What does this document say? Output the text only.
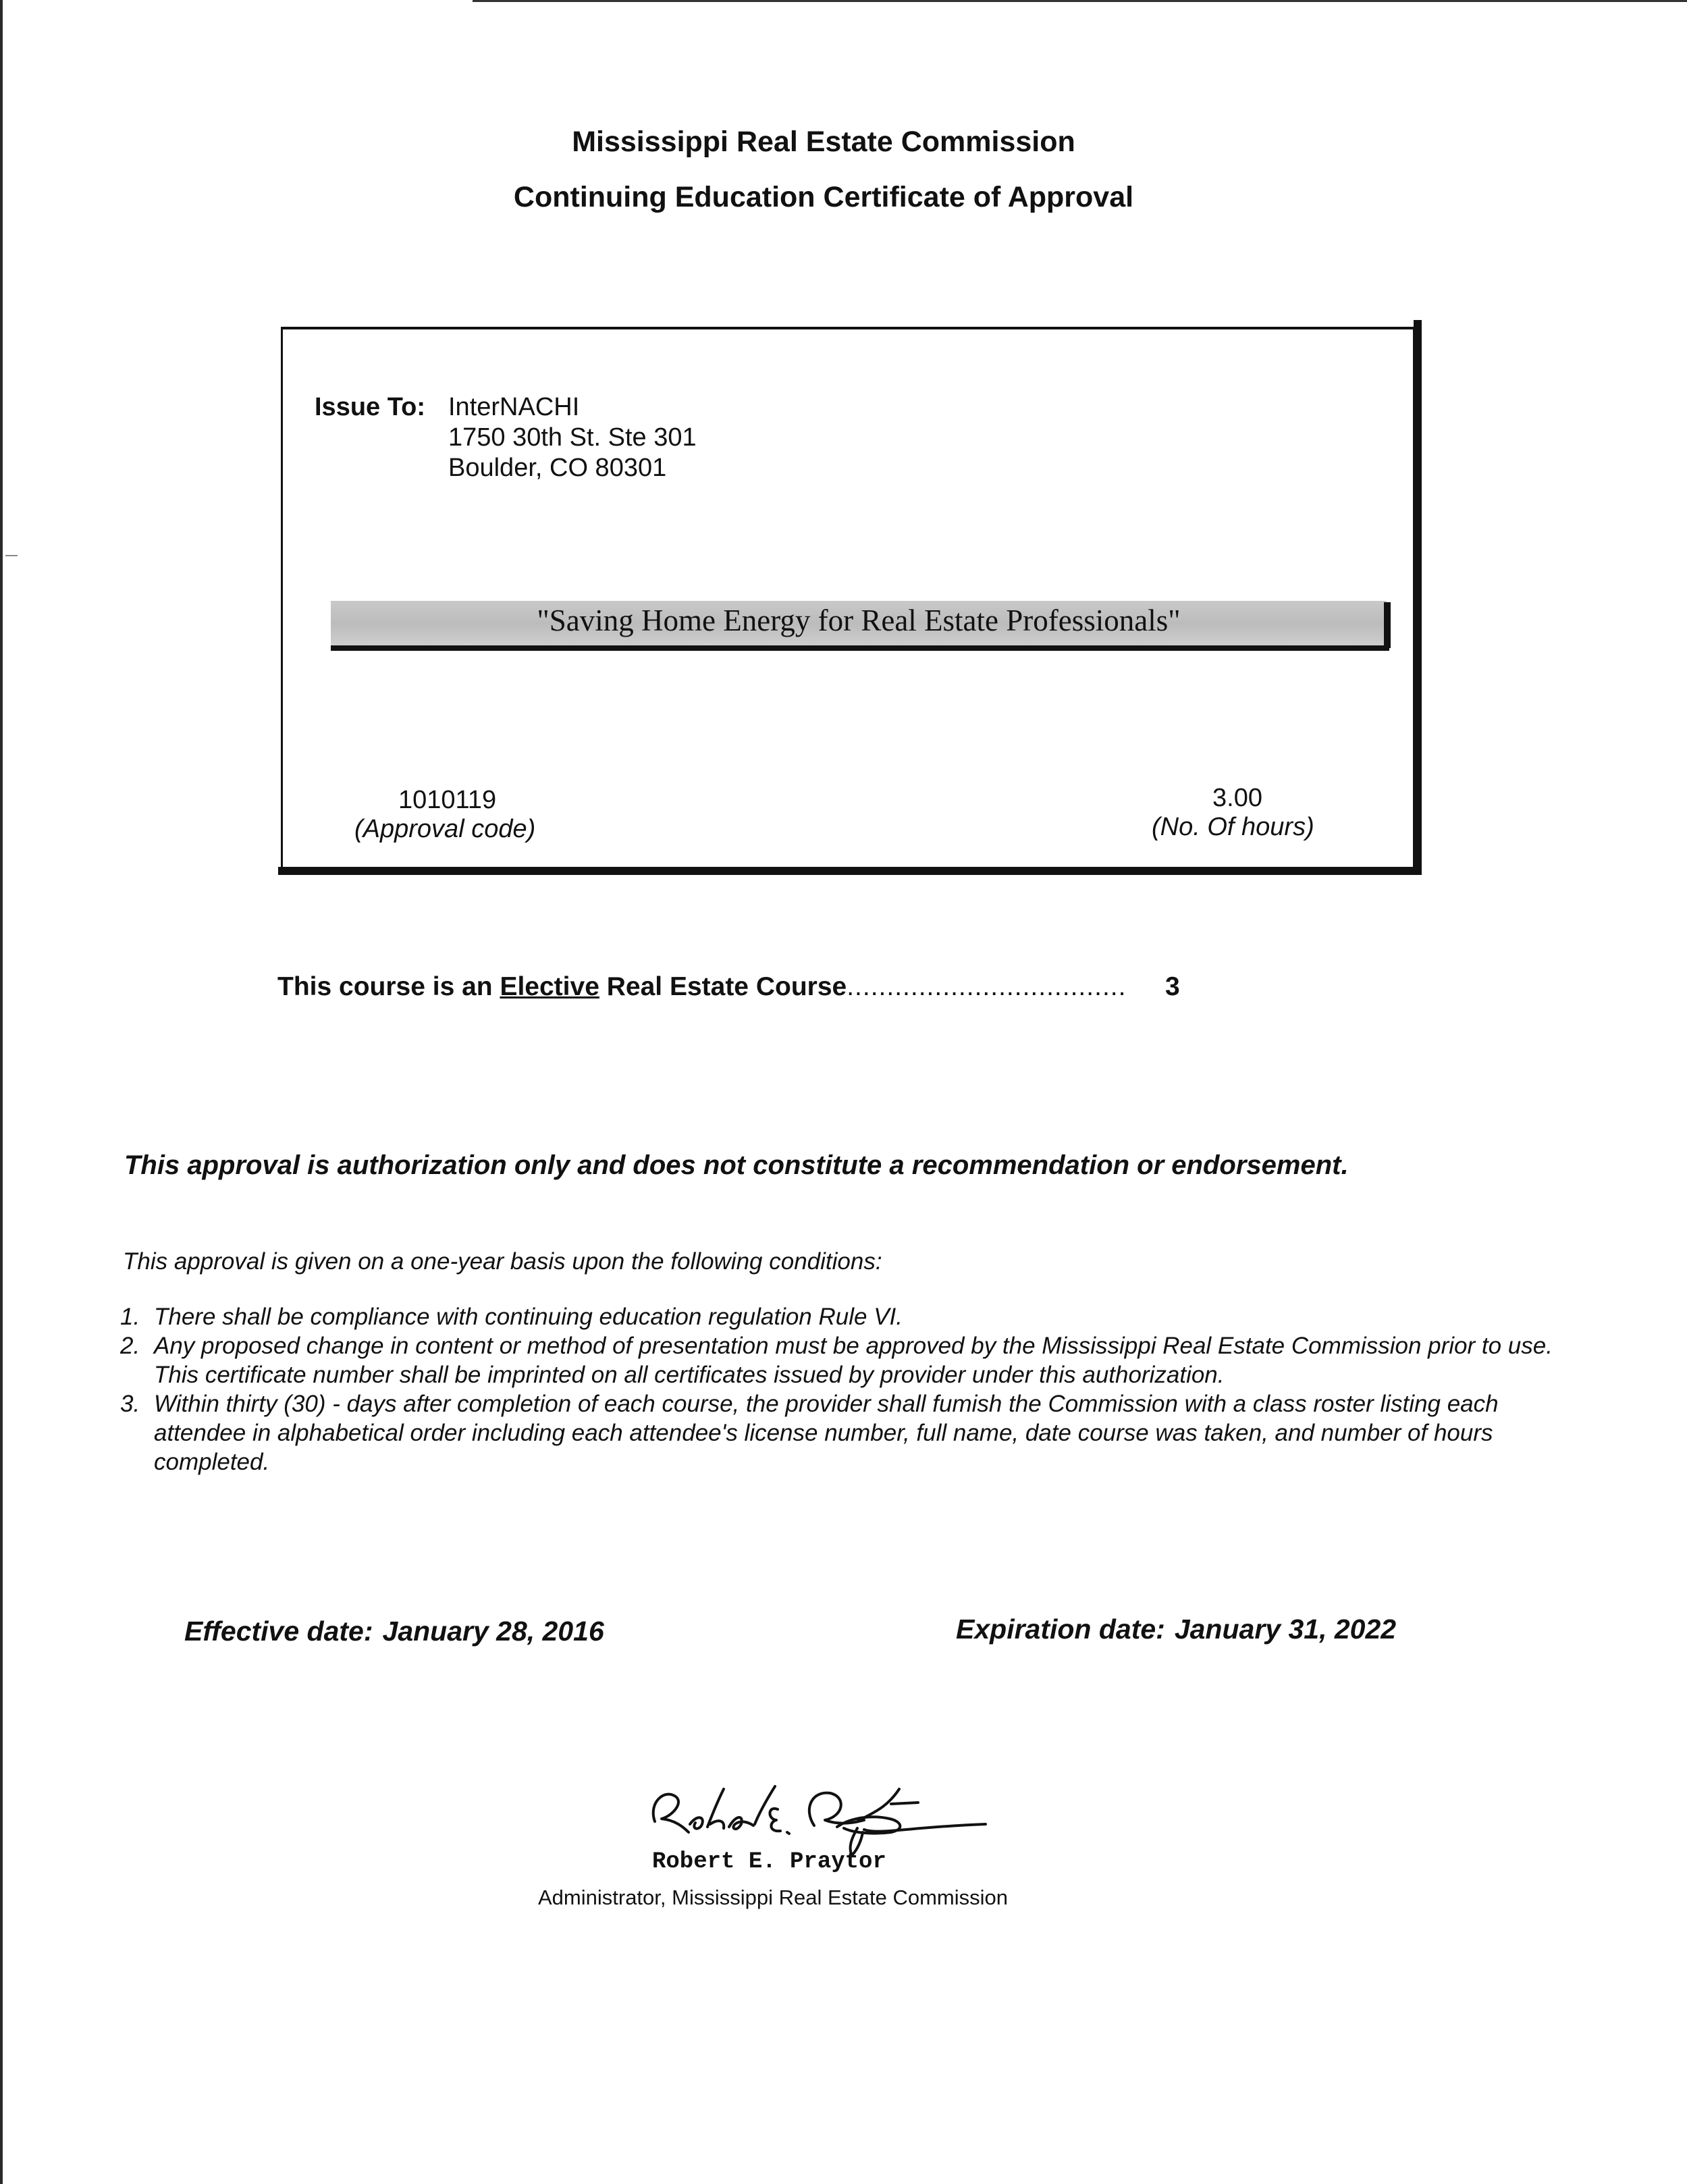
Mississippi Real Estate Commission
Continuing Education Certificate of Approval
Issue To: InterNACHI
1750 30th St. Ste 301
Boulder, CO 80301
"Saving Home Energy for Real Estate Professionals"
1010119
(Approval code)
3.00
(No. Of hours)
This course is an Elective Real Estate Course................................... 3
This approval is authorization only and does not constitute a recommendation or endorsement.
This approval is given on a one-year basis upon the following conditions:
1. There shall be compliance with continuing education regulation Rule VI.
2. Any proposed change in content or method of presentation must be approved by the Mississippi Real Estate Commission prior to use. This certificate number shall be imprinted on all certificates issued by provider under this authorization.
3. Within thirty (30) - days after completion of each course, the provider shall fumish the Commission with a class roster listing each attendee in alphabetical order including each attendee's license number, full name, date course was taken, and number of hours completed.
Effective date: January 28, 2016	Expiration date: January 31, 2022
Robert E. Praytor
Administrator, Mississippi Real Estate Commission
